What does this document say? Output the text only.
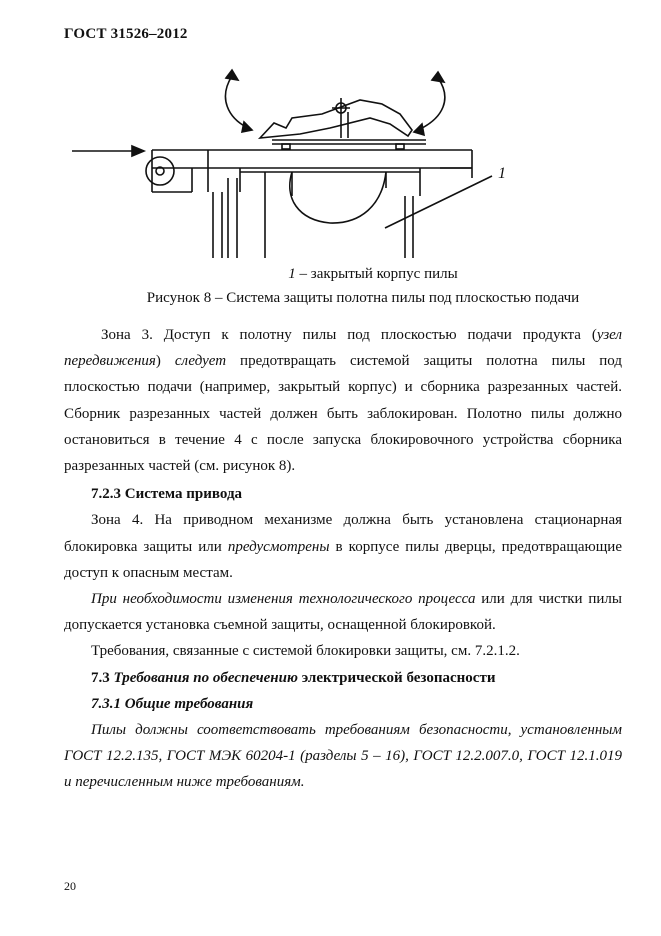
ГОСТ 31526–2012
1
1 – закрытый корпус пилы
Рисунок 8 – Система защиты полотна пилы под плоскостью подачи

Зона 3. Доступ к полотну пилы под плоскостью подачи продукта (узел передвижения) следует предотвращать системой защиты полотна пилы под плоскостью подачи (например, закрытый корпус) и сборника разрезанных частей. Сборник разрезанных частей должен быть заблокирован. Полотно пилы должно остановиться в течение 4 с после запуска блокировочного устройства сборника разрезанных частей (см. рисунок 8).

7.2.3 Система привода

Зона 4. На приводном механизме должна быть установлена стационарная блокировка защиты или предусмотрены в корпусе пилы дверцы, предотвращающие доступ к опасным местам.

При необходимости изменения технологического процесса или для чистки пилы допускается установка съемной защиты, оснащенной блокировкой.

Требования, связанные с системой блокировки защиты, см. 7.2.1.2.

7.3 Требования по обеспечению электрической безопасности

7.3.1 Общие требования

Пилы должны соответствовать требованиям безопасности, установленным ГОСТ 12.2.135, ГОСТ МЭК 60204-1 (разделы 5 – 16), ГОСТ 12.2.007.0, ГОСТ 12.1.019 и перечисленным ниже требованиям.

20
